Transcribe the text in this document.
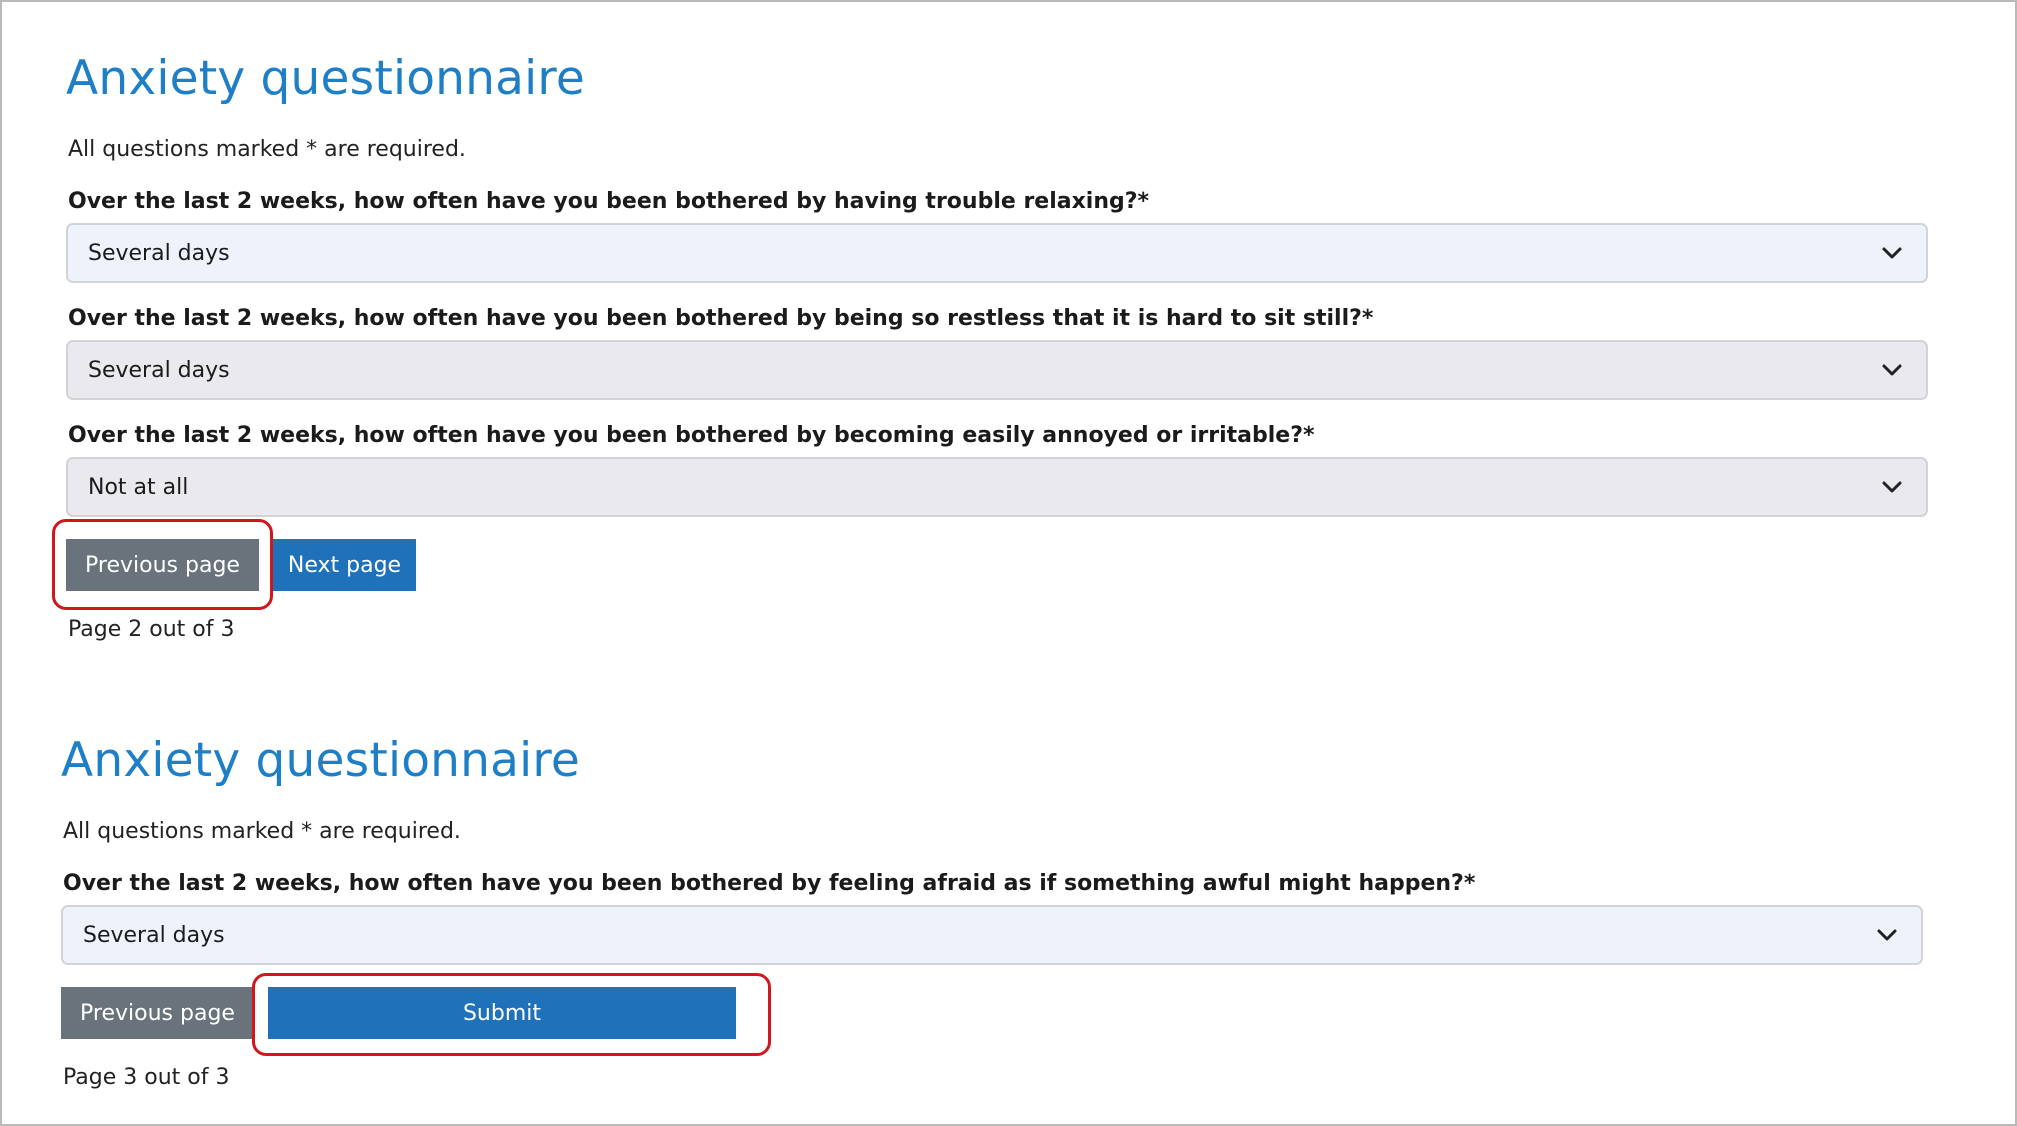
Anxiety questionnaire
All questions marked * are required.
Over the last 2 weeks, how often have you been bothered by having trouble relaxing?*
Several days
Over the last 2 weeks, how often have you been bothered by being so restless that it is hard to sit still?*
Several days
Over the last 2 weeks, how often have you been bothered by becoming easily annoyed or irritable?*
Not at all
Previous page	Next page
Page 2 out of 3
Anxiety questionnaire
All questions marked * are required.
Over the last 2 weeks, how often have you been bothered by feeling afraid as if something awful might happen?*
Several days
Previous page	Submit
Page 3 out of 3
